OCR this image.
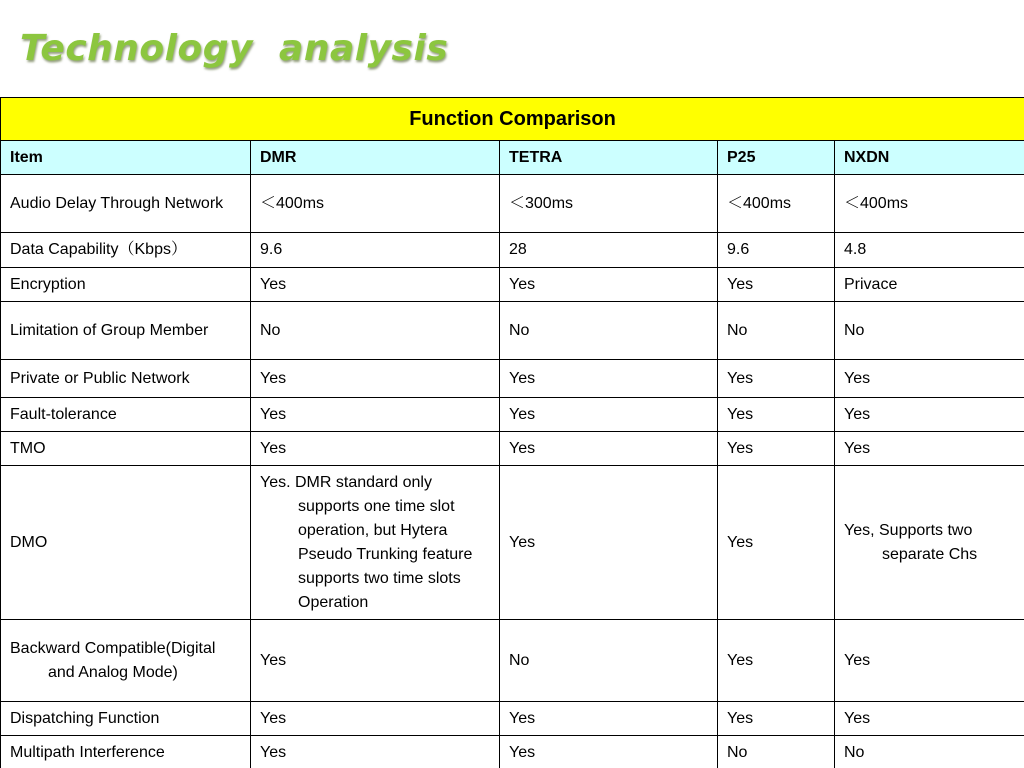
Technology  analysis
Function Comparison				
Item	DMR	TETRA	P25	NXDN

Audio Delay Through Network	＜400ms	＜300ms	＜400ms	＜400ms
Data Capability（Kbps）	9.6	28	9.6	4.8
Encryption	Yes	Yes	Yes	Privace

Limitation of Group Member	No	No	No	No
Private or Public Network	Yes	Yes	Yes	Yes
Fault-tolerance	Yes	Yes	Yes	Yes
TMO	Yes	Yes	Yes	Yes
DMO	Yes. DMR standard only supports one time slot operation, but Hytera Pseudo Trunking feature supports two time slots Operation	Yes	Yes	Yes, Supports two separate Chs

Backward Compatible(Digital and Analog Mode)	Yes	No	Yes	Yes
Dispatching Function	Yes	Yes	Yes	Yes
Multipath Interference	Yes	Yes	No	No
